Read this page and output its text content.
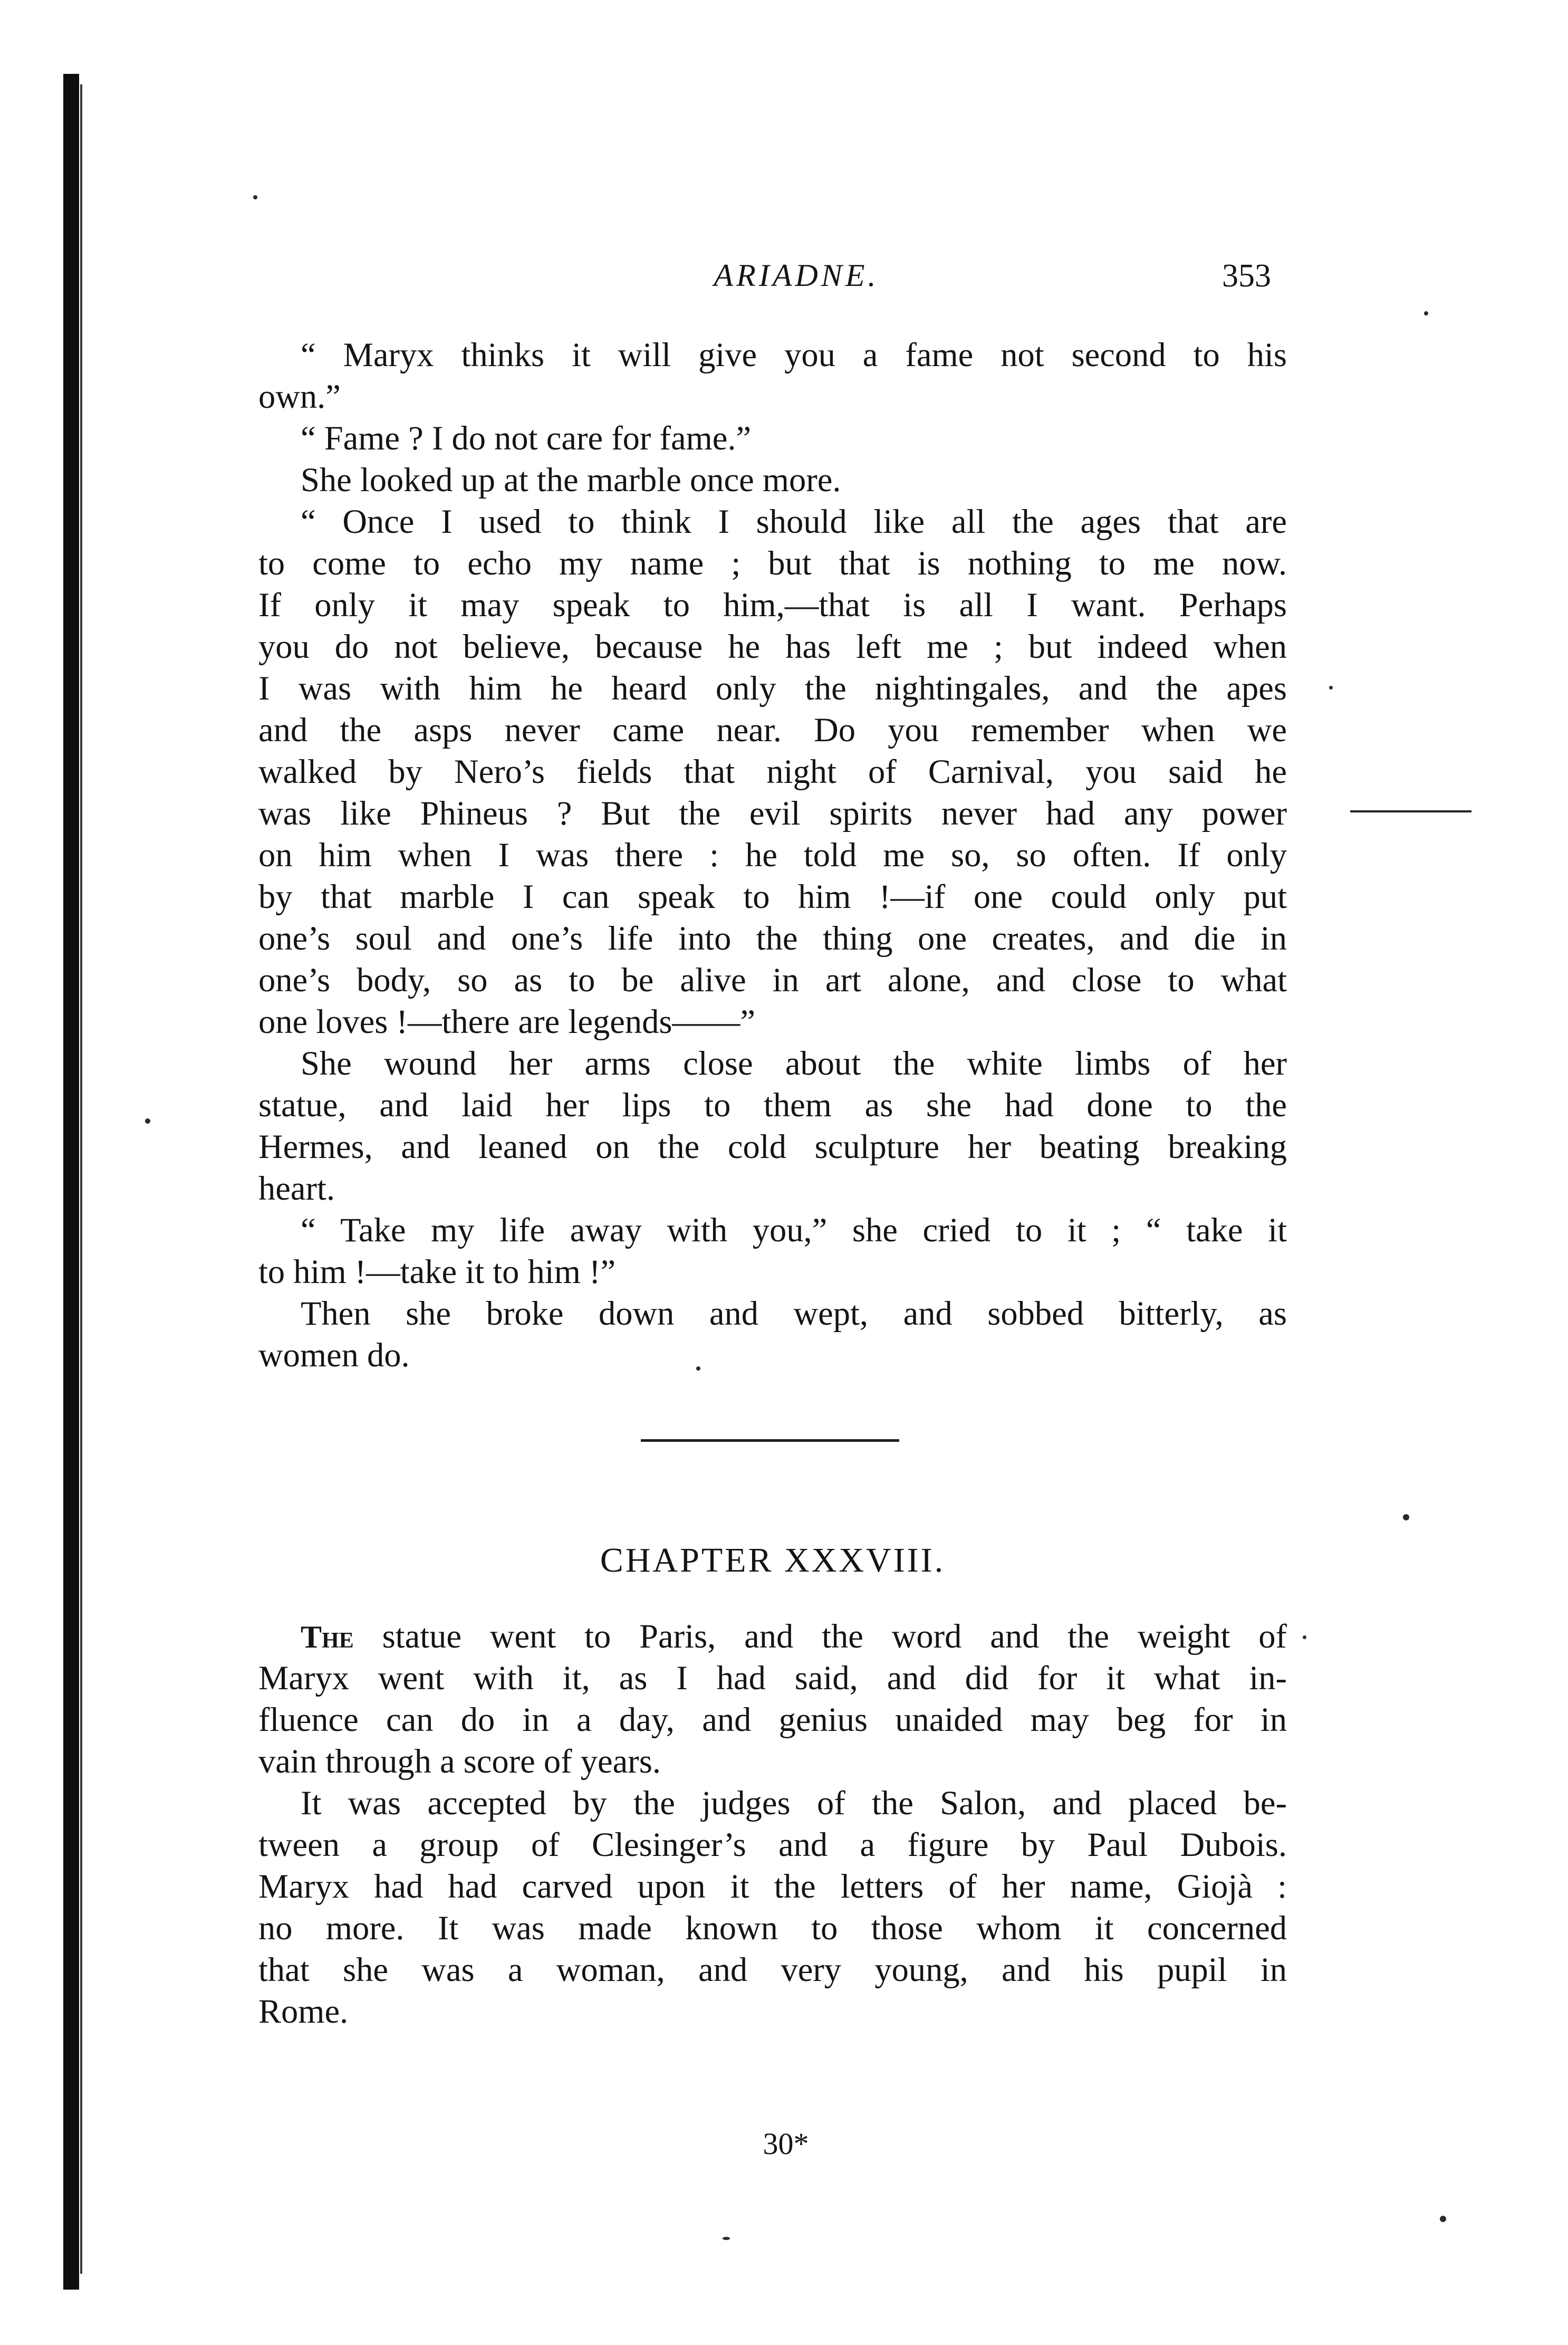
ARIADNE.	353
“ Maryx thinks it will give you a fame not second to his
own.”
“ Fame ? I do not care for fame.”
She looked up at the marble once more.
“ Once I used to think I should like all the ages that are
to come to echo my name ; but that is nothing to me now.
If only it may speak to him,—that is all I want. Perhaps
you do not believe, because he has left me ; but indeed when
I was with him he heard only the nightingales, and the apes
and the asps never came near. Do you remember when we
walked by Nero’s fields that night of Carnival, you said he
was like Phineus ? But the evil spirits never had any power
on him when I was there : he told me so, so often. If only
by that marble I can speak to him !—if one could only put
one’s soul and one’s life into the thing one creates, and die in
one’s body, so as to be alive in art alone, and close to what
one loves !—there are legends——”
She wound her arms close about the white limbs of her
statue, and laid her lips to them as she had done to the
Hermes, and leaned on the cold sculpture her beating breaking
heart.
“ Take my life away with you,” she cried to it ; “ take it
to him !—take it to him !”
Then she broke down and wept, and sobbed bitterly, as
women do.
CHAPTER XXXVIII.
The statue went to Paris, and the word and the weight of
Maryx went with it, as I had said, and did for it what in-
fluence can do in a day, and genius unaided may beg for in
vain through a score of years.
It was accepted by the judges of the Salon, and placed be-
tween a group of Clesinger’s and a figure by Paul Dubois.
Maryx had had carved upon it the letters of her name, Giojà :
no more. It was made known to those whom it concerned
that she was a woman, and very young, and his pupil in
Rome.
30*
